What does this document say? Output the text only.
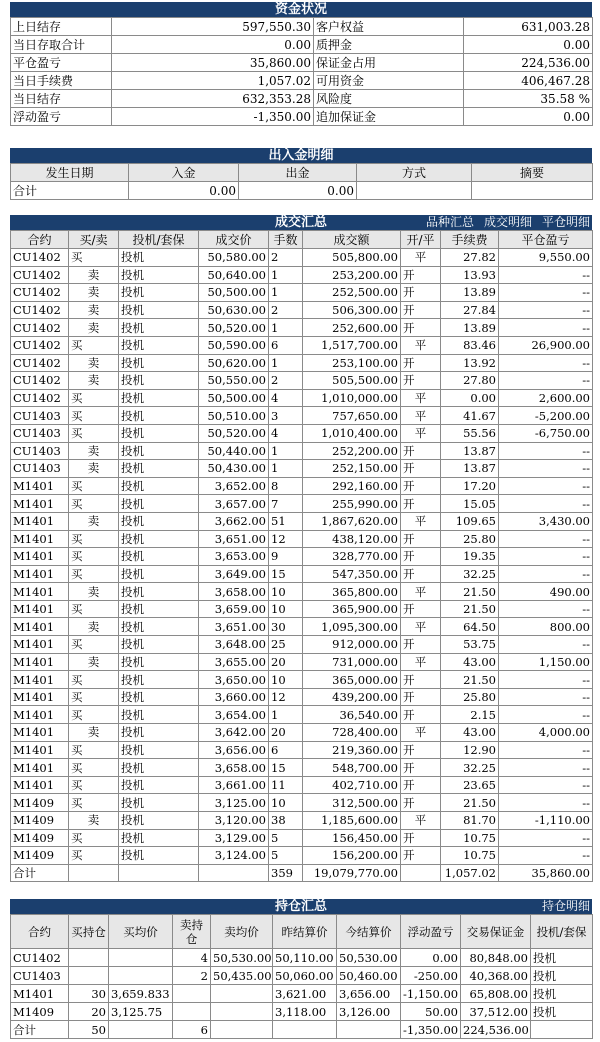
资金状况
上日结存	597,550.30	客户权益	631,003.28
当日存取合计	0.00	质押金	0.00
平仓盈亏	35,860.00	保证金占用	224,536.00
当日手续费	1,057.02	可用资金	406,467.28
当日结存	632,353.28	风险度	35.58 %
浮动盈亏	-1,350.00	追加保证金	0.00
出入金明细
发生日期	入金	出金	方式	摘要
合计	0.00	0.00		
成交汇总	品种汇总 成交明细 平仓明细
合约	买/卖	投机/套保	成交价	手数	成交额	开/平	手续费	平仓盈亏
CU1402	买	投机	50,580.00	2	505,800.00	平	27.82	9,550.00
CU1402	卖	投机	50,640.00	1	253,200.00	开	13.93	--
CU1402	卖	投机	50,500.00	1	252,500.00	开	13.89	--
CU1402	卖	投机	50,630.00	2	506,300.00	开	27.84	--
CU1402	卖	投机	50,520.00	1	252,600.00	开	13.89	--
CU1402	买	投机	50,590.00	6	1,517,700.00	平	83.46	26,900.00
CU1402	卖	投机	50,620.00	1	253,100.00	开	13.92	--
CU1402	卖	投机	50,550.00	2	505,500.00	开	27.80	--
CU1402	买	投机	50,500.00	4	1,010,000.00	平	0.00	2,600.00
CU1403	买	投机	50,510.00	3	757,650.00	平	41.67	-5,200.00
CU1403	买	投机	50,520.00	4	1,010,400.00	平	55.56	-6,750.00
CU1403	卖	投机	50,440.00	1	252,200.00	开	13.87	--
CU1403	卖	投机	50,430.00	1	252,150.00	开	13.87	--
M1401	买	投机	3,652.00	8	292,160.00	开	17.20	--
M1401	买	投机	3,657.00	7	255,990.00	开	15.05	--
M1401	卖	投机	3,662.00	51	1,867,620.00	平	109.65	3,430.00
M1401	买	投机	3,651.00	12	438,120.00	开	25.80	--
M1401	买	投机	3,653.00	9	328,770.00	开	19.35	--
M1401	买	投机	3,649.00	15	547,350.00	开	32.25	--
M1401	卖	投机	3,658.00	10	365,800.00	平	21.50	490.00
M1401	买	投机	3,659.00	10	365,900.00	开	21.50	--
M1401	卖	投机	3,651.00	30	1,095,300.00	平	64.50	800.00
M1401	买	投机	3,648.00	25	912,000.00	开	53.75	--
M1401	卖	投机	3,655.00	20	731,000.00	平	43.00	1,150.00
M1401	买	投机	3,650.00	10	365,000.00	开	21.50	--
M1401	买	投机	3,660.00	12	439,200.00	开	25.80	--
M1401	买	投机	3,654.00	1	36,540.00	开	2.15	--
M1401	卖	投机	3,642.00	20	728,400.00	平	43.00	4,000.00
M1401	买	投机	3,656.00	6	219,360.00	开	12.90	--
M1401	买	投机	3,658.00	15	548,700.00	开	32.25	--
M1401	买	投机	3,661.00	11	402,710.00	开	23.65	--
M1409	买	投机	3,125.00	10	312,500.00	开	21.50	--
M1409	卖	投机	3,120.00	38	1,185,600.00	平	81.70	-1,110.00
M1409	买	投机	3,129.00	5	156,450.00	开	10.75	--
M1409	买	投机	3,124.00	5	156,200.00	开	10.75	--
合计				359	19,079,770.00		1,057.02	35,860.00
持仓汇总	持仓明细
合约	买持仓	买均价	卖持仓	卖均价	昨结算价	今结算价	浮动盈亏	交易保证金	投机/套保
CU1402			4	50,530.00	50,110.00	50,530.00	0.00	80,848.00	投机
CU1403			2	50,435.00	50,060.00	50,460.00	-250.00	40,368.00	投机
M1401	30	3,659.833			3,621.00	3,656.00	-1,150.00	65,808.00	投机
M1409	20	3,125.75			3,118.00	3,126.00	50.00	37,512.00	投机
合计	50		6				-1,350.00	224,536.00	
